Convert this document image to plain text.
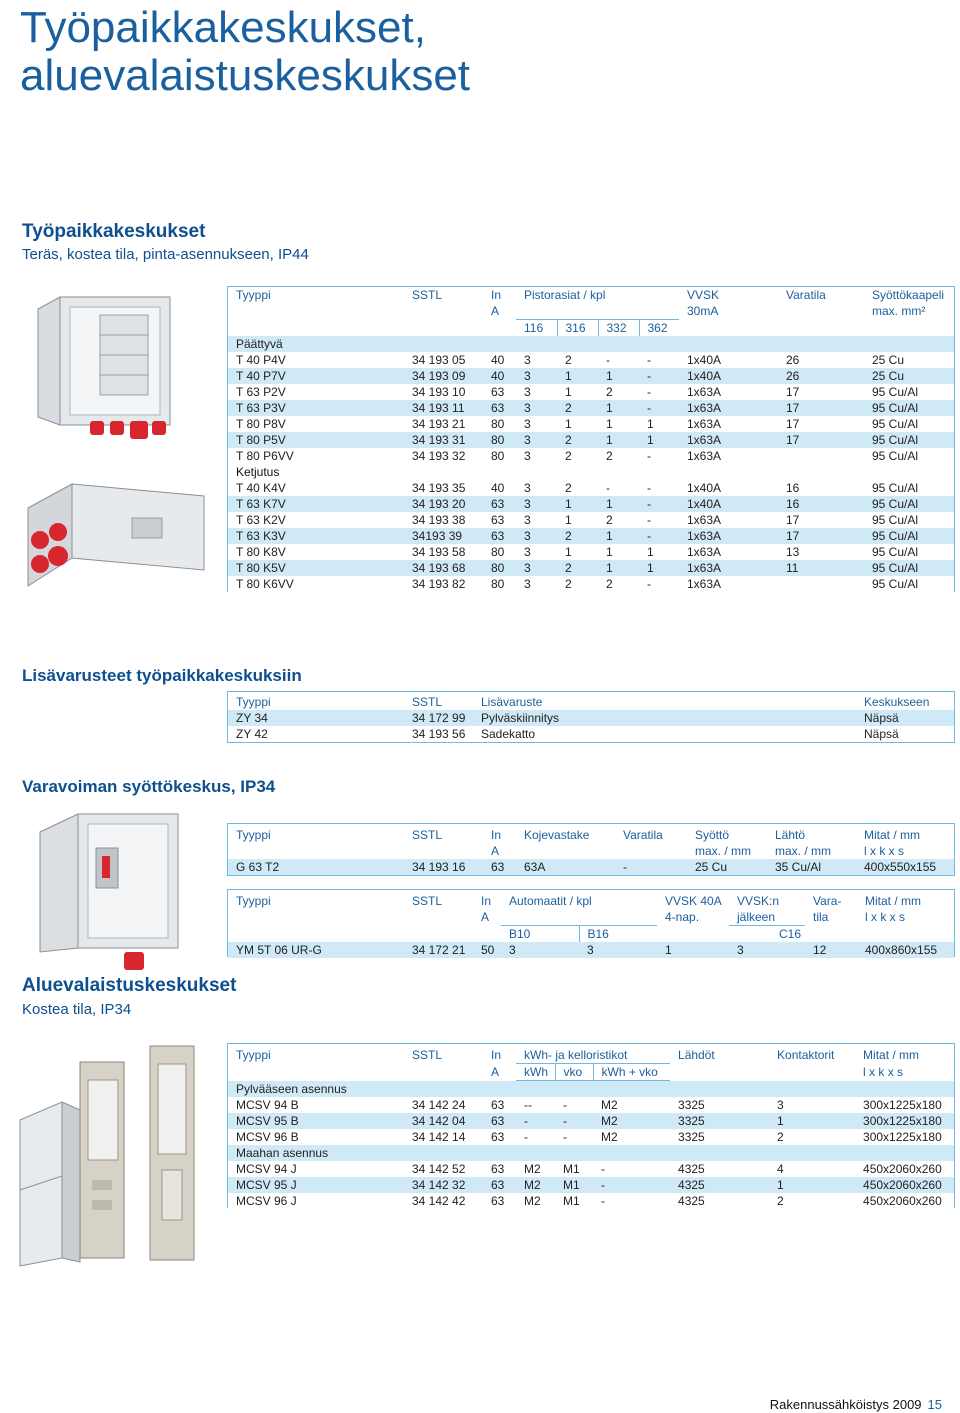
Työpaikkakeskukset,
aluevalaistuskeskukset
Työpaikkakeskukset
Teräs, kostea tila, pinta-asennukseen, IP44
Tyyppi	SSTL	In	Pistorasiat / kpl				VVSK	Varatila	Syöttökaapeli
		A					30mA		max. mm²
			116	316	332	362			
Päättyvä									
T 40 P4V	34 193 05	40	3	2	-	-	1x40A	26	25 Cu
T 40 P7V	34 193 09	40	3	1	1	-	1x40A	26	25 Cu
T 63 P2V	34 193 10	63	3	1	2	-	1x63A	17	95 Cu/Al
T 63 P3V	34 193 11	63	3	2	1	-	1x63A	17	95 Cu/Al
T 80 P8V	34 193 21	80	3	1	1	1	1x63A	17	95 Cu/Al
T 80 P5V	34 193 31	80	3	2	1	1	1x63A	17	95 Cu/Al
T 80 P6VV	34 193 32	80	3	2	2	-	1x63A		95 Cu/Al
Ketjutus									
T 40 K4V	34 193 35	40	3	2	-	-	1x40A	16	95 Cu/Al
T 63 K7V	34 193 20	63	3	1	1	-	1x40A	16	95 Cu/Al
T 63 K2V	34 193 38	63	3	1	2	-	1x63A	17	95 Cu/Al
T 63 K3V	34193 39	63	3	2	1	-	1x63A	17	95 Cu/Al
T 80 K8V	34 193 58	80	3	1	1	1	1x63A	13	95 Cu/Al
T 80 K5V	34 193 68	80	3	2	1	1	1x63A	11	95 Cu/Al
T 80 K6VV	34 193 82	80	3	2	2	-	1x63A		95 Cu/Al
Lisävarusteet työpaikkakeskuksiin
Tyyppi	SSTL	Lisävaruste	Keskukseen
ZY 34	34 172 99	Pylväskiinnitys	Näpsä
ZY 42	34 193 56	Sadekatto	Näpsä
Varavoiman syöttökeskus, IP34
Tyyppi	SSTL	In	Kojevastake	Varatila	Syöttö	Lähtö	Mitat / mm
		A			max. / mm	max. / mm	l x k x s
G 63 T2	34 193 16	63	63A	-	25 Cu	35 Cu/Al	400x550x155
Tyyppi	SSTL	In	Automaatit / kpl		VVSK 40A	VVSK:n	Vara-	Mitat / mm
		A			4-nap.	jälkeen	tila	l x k x s
			B10	B16		C16		
YM 5T 06 UR-G	34 172 21	50	3	3	1	3	12	400x860x155
Aluevalaistuskeskukset
Kostea tila, IP34
Tyyppi	SSTL	In	kWh- ja kelloristikot			Lähdöt	Kontaktorit	Mitat / mm
		A	kWh	vko	kWh + vko			l x k x s
Pylvääseen asennus								
MCSV 94 B	34 142 24	63	--	-	M2	3325	3	300x1225x180
MCSV 95 B	34 142 04	63	-	-	M2	3325	1	300x1225x180
MCSV 96 B	34 142 14	63	-	-	M2	3325	2	300x1225x180
Maahan asennus								
MCSV 94 J	34 142 52	63	M2	M1	-	4325	4	450x2060x260
MCSV 95 J	34 142 32	63	M2	M1	-	4325	1	450x2060x260
MCSV 96 J	34 142 42	63	M2	M1	-	4325	2	450x2060x260
Rakennussähköistys 2009 15
